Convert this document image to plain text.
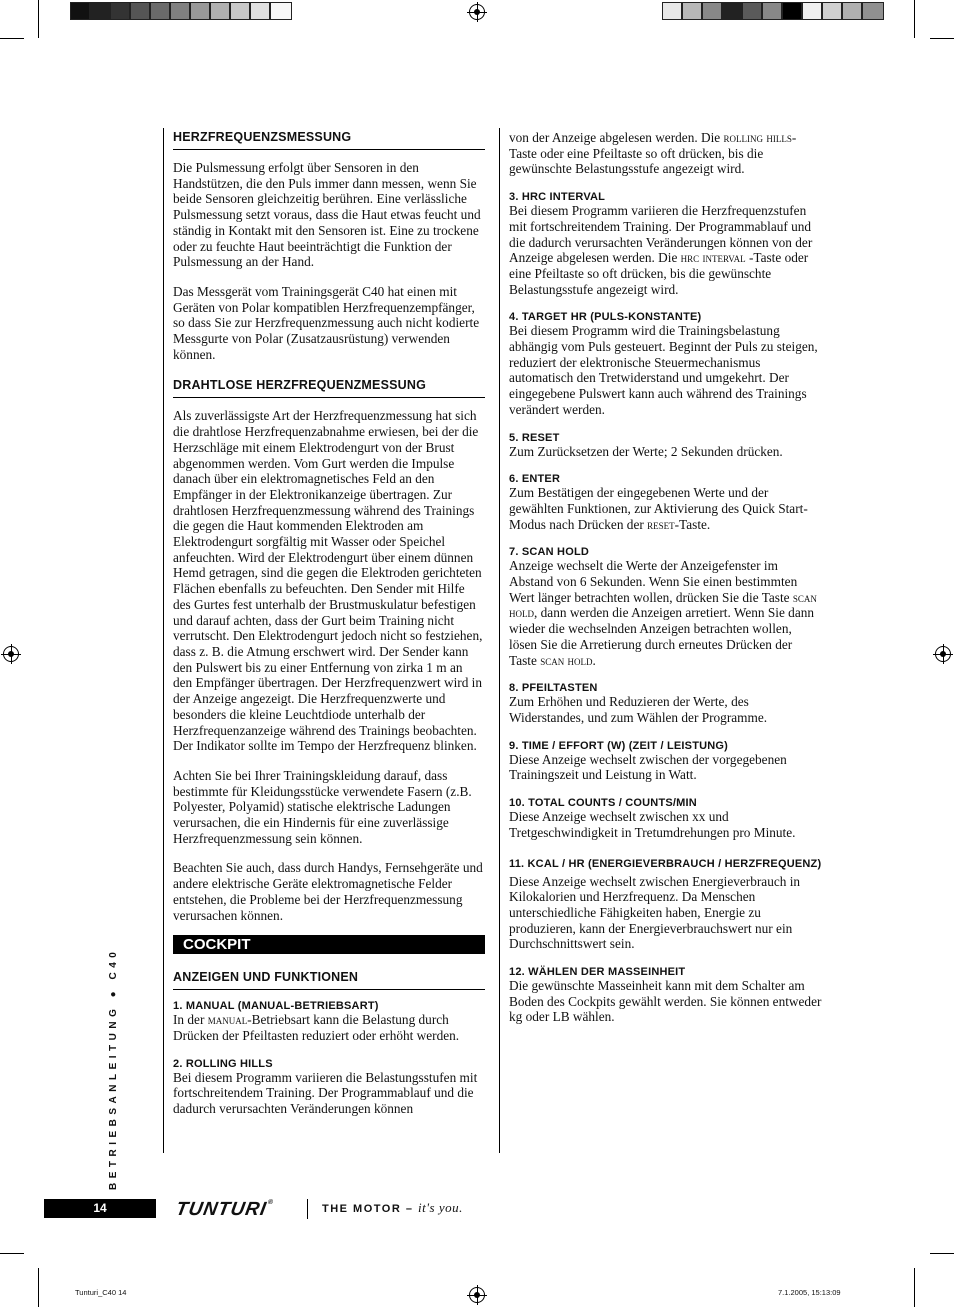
HERZFREQUENZSMESSUNG

Die Pulsmessung erfolgt über Sensoren in den Handstützen, die den Puls immer dann messen, wenn Sie beide Sensoren gleichzeitig berühren. Eine verlässliche Pulsmessung setzt voraus, dass die Haut etwas feucht und ständig in Kontakt mit den Sensoren ist. Eine zu trockene oder zu feuchte Haut beeinträchtigt die Funktion der Pulsmessung an der Hand.

Das Messgerät vom Trainingsgerät C40 hat einen mit Geräten von Polar kompatiblen Herzfrequenzempfänger, so dass Sie zur Herzfrequenzmessung auch nicht kodierte Messgurte von Polar (Zusatzausrüstung) verwenden können.

DRAHTLOSE HERZFREQUENZMESSUNG

Als zuverlässigste Art der Herzfrequenzmessung hat sich die drahtlose Herzfrequenzabnahme erwiesen, bei der die Herzschläge mit einem Elektrodengurt von der Brust abgenommen werden. Vom Gurt werden die Impulse danach über ein elektromagnetisches Feld an den Empfänger in der Elektronikanzeige übertragen. Zur drahtlosen Herzfrequenzmessung während des Trainings die gegen die Haut kommenden Elektroden am Elektrodengurt sorgfältig mit Wasser oder Speichel anfeuchten. Wird der Elektrodengurt über einem dünnen Hemd getragen, sind die gegen die Elektroden gerichteten Flächen ebenfalls zu befeuchten. Den Sender mit Hilfe des Gurtes fest unterhalb der Brustmuskulatur befestigen und darauf achten, dass der Gurt beim Training nicht verrutscht. Den Elektrodengurt jedoch nicht so festziehen, dass z. B. die Atmung erschwert wird. Der Sender kann den Pulswert bis zu einer Entfernung von zirka 1 m an den Empfänger übertragen. Der Herzfrequenzwert wird in der Anzeige angezeigt. Die Herzfrequenzwerte und besonders die kleine Leuchtdiode unterhalb der Herzfrequenzanzeige während des Trainings beobachten. Der Indikator sollte im Tempo der Herzfrequenz blinken.

Achten Sie bei Ihrer Trainingskleidung darauf, dass bestimmte für Kleidungsstücke verwendete Fasern (z.B. Polyester, Polyamid) statische elektrische Ladungen verursachen, die ein Hindernis für eine zuverlässige Herzfrequenzmessung sein können.

Beachten Sie auch, dass durch Handys, Fernsehgeräte und andere elektrische Geräte elektromagnetische Felder entstehen, die Probleme bei der Herzfrequenzmessung verursachen können.

COCKPIT
ANZEIGEN UND FUNKTIONEN
1. MANUAL (MANUAL-BETRIEBSART)

In der manual-Betriebsart kann die Belastung durch Drücken der Pfeiltasten reduziert oder erhöht werden.

2. ROLLING HILLS

Bei diesem Programm variieren die Belastungsstufen mit fortschreitendem Training. Der Programmablauf und die dadurch verursachten Veränderungen können

von der Anzeige abgelesen werden. Die rolling hills-Taste oder eine Pfeiltaste so oft drücken, bis die gewünschte Belastungsstufe angezeigt wird.

3. HRC INTERVAL

Bei diesem Programm variieren die Herzfrequenzstufen mit fortschreitendem Training. Der Programmablauf und die dadurch verursachten Veränderungen können von der Anzeige abgelesen werden. Die hrc interval -Taste oder eine Pfeiltaste so oft drücken, bis die gewünschte Belastungsstufe angezeigt wird.

4. TARGET HR (PULS-KONSTANTE)

Bei diesem Programm wird die Trainingsbelastung abhängig vom Puls gesteuert. Beginnt der Puls zu steigen, reduziert der elektronische Steuermechanismus automatisch den Tretwiderstand und umgekehrt. Der eingegebene Pulswert kann auch während des Trainings verändert werden.

5. RESET

Zum Zurücksetzen der Werte; 2 Sekunden drücken.

6. ENTER

Zum Bestätigen der eingegebenen Werte und der gewählten Funktionen, zur Aktivierung des Quick Start-Modus nach Drücken der reset-Taste.

7. SCAN HOLD

Anzeige wechselt die Werte der Anzeigefenster im Abstand von 6 Sekunden. Wenn Sie einen bestimmten Wert länger betrachten wollen, drücken Sie die Taste scan hold, dann werden die Anzeigen arretiert. Wenn Sie dann wieder die wechselnden Anzeigen betrachten wollen, lösen Sie die Arretierung durch erneutes Drücken der Taste scan hold.

8. PFEILTASTEN

Zum Erhöhen und Reduzieren der Werte, des Widerstandes, und zum Wählen der Programme.

9. TIME / EFFORT (W) (ZEIT / LEISTUNG)

Diese Anzeige wechselt zwischen der vorgegebenen Trainingszeit und Leistung in Watt.

10. TOTAL COUNTS / COUNTS/MIN

Diese Anzeige wechselt zwischen xx und Tretgeschwindigkeit in Tretumdrehungen pro Minute.

11. KCAL / HR (ENERGIEVERBRAUCH / HERZFREQUENZ)

Diese Anzeige wechselt zwischen Energieverbrauch in Kilokalorien und Herzfrequenz. Da Menschen unterschiedliche Fähigkeiten haben, Energie zu produzieren, kann der Energieverbrauchswert nur ein Durchschnittswert sein.

12. WÄHLEN DER MASSEINHEIT

Die gewünschte Masseinheit kann mit dem Schalter am Boden des Cockpits gewählt werden. Sie können entweder kg oder LB wählen.

BETRIEBSANLEITUNG ● C40
14	TUNTURI®
THE MOTOR – it's you.
Tunturi_C40 14	7.1.2005, 15:13:09
